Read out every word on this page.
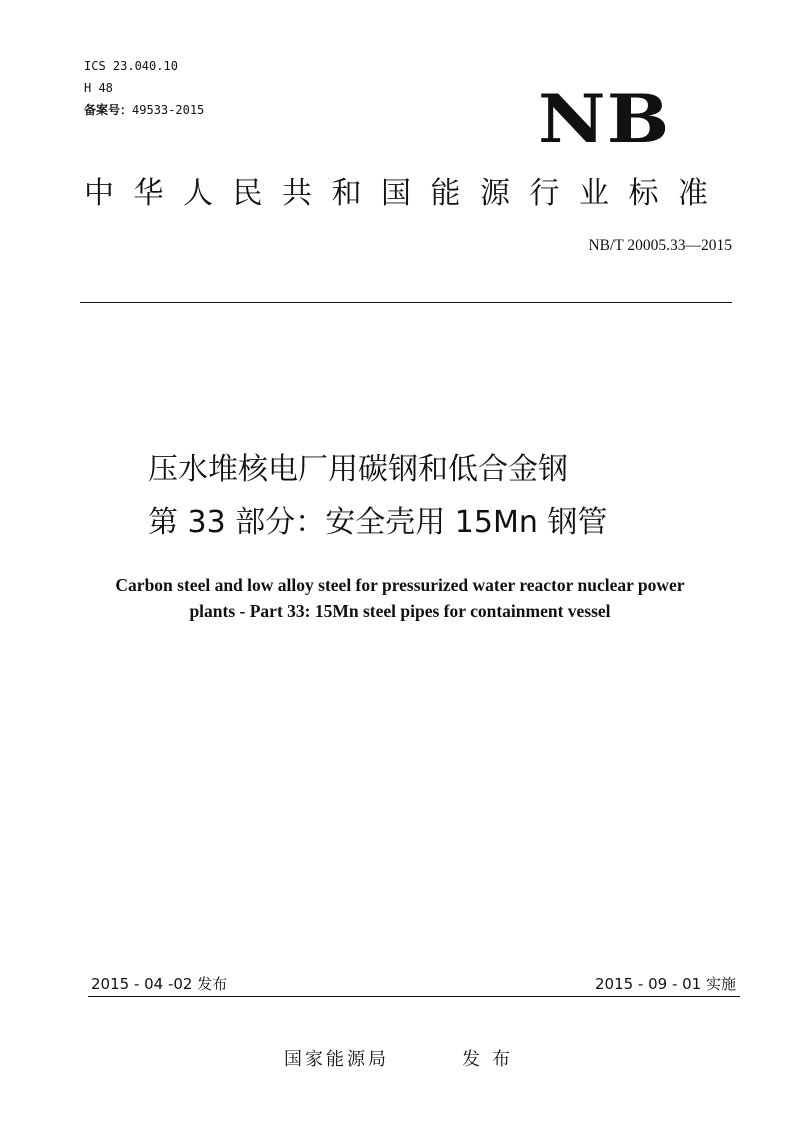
ICS 23.040.10
H 48
备案号：49533-2015	NB
中华人民共和国能源行业标准
NB/T 20005.33—2015
压水堆核电厂用碳钢和低合金钢
第 33 部分：安全壳用 15Mn 钢管
Carbon steel and low alloy steel for pressurized water reactor nuclear power
plants - Part 33: 15Mn steel pipes for containment vessel
2015 - 04 -02 发布	2015 - 09 - 01 实施
国家能源局	发布
